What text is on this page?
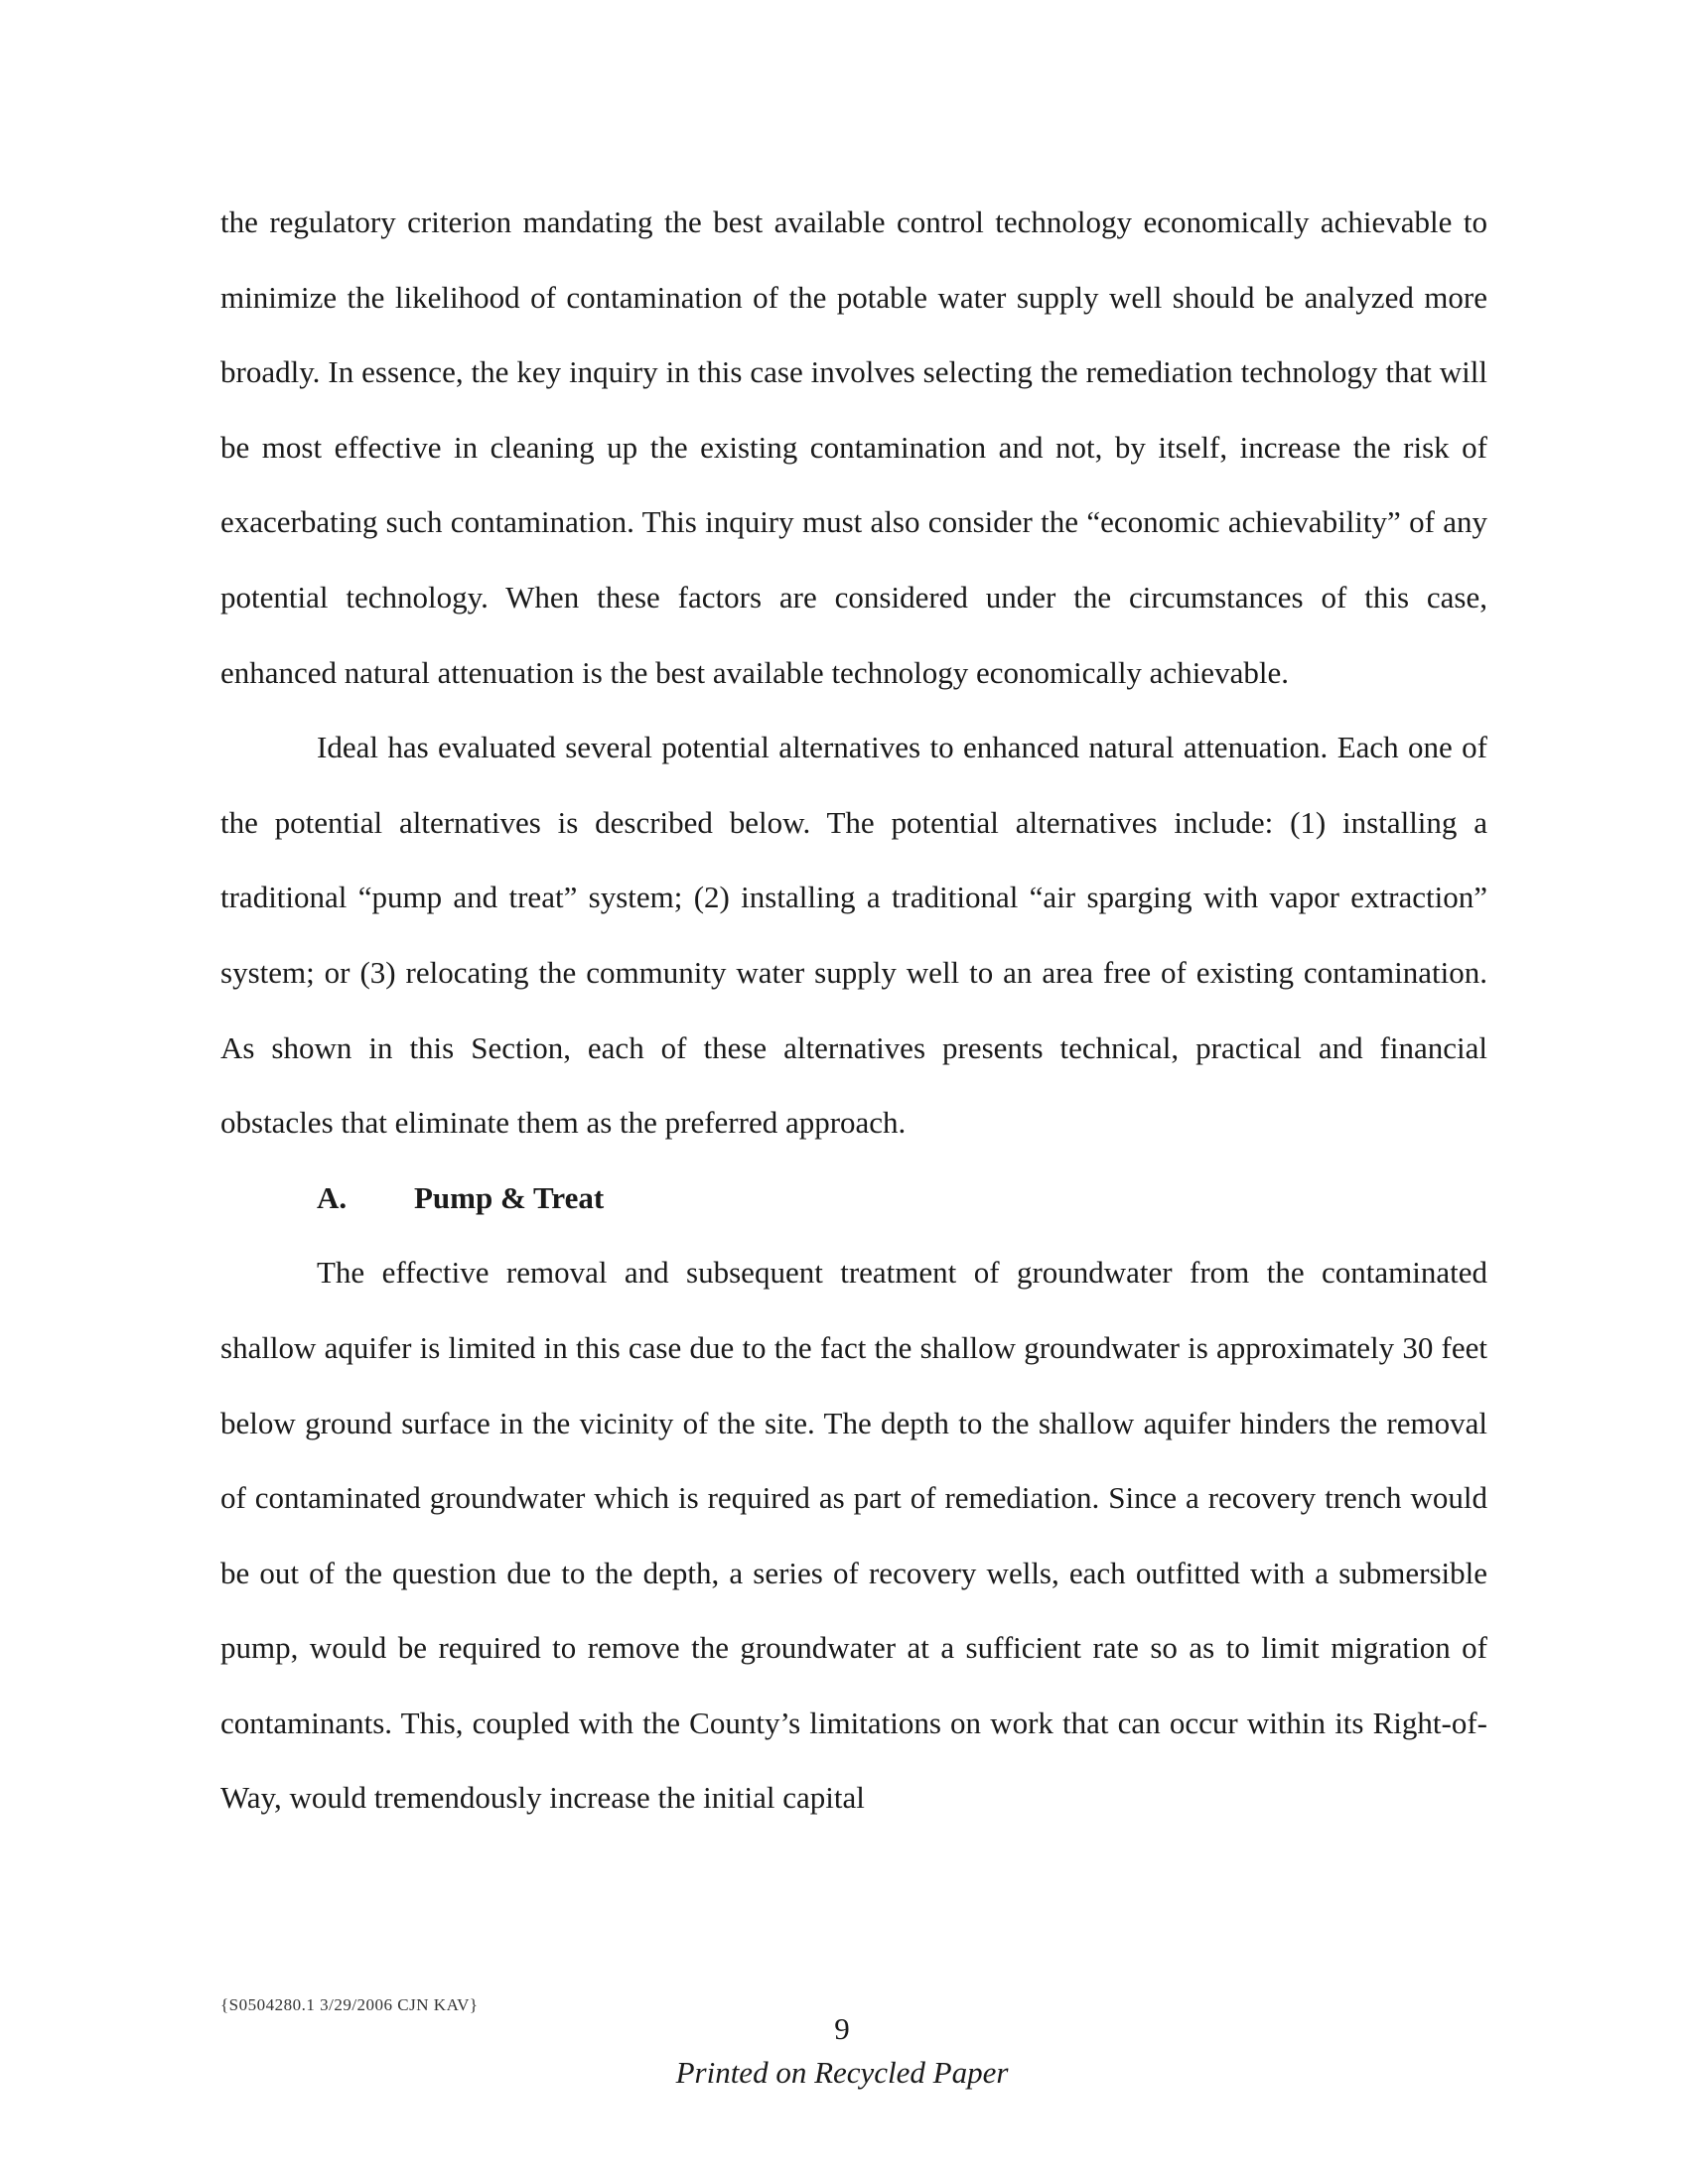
the regulatory criterion mandating the best available control technology economically achievable to minimize the likelihood of contamination of the potable water supply well should be analyzed more broadly. In essence, the key inquiry in this case involves selecting the remediation technology that will be most effective in cleaning up the existing contamination and not, by itself, increase the risk of exacerbating such contamination. This inquiry must also consider the “economic achievability” of any potential technology. When these factors are considered under the circumstances of this case, enhanced natural attenuation is the best available technology economically achievable.

Ideal has evaluated several potential alternatives to enhanced natural attenuation. Each one of the potential alternatives is described below. The potential alternatives include: (1) installing a traditional “pump and treat” system; (2) installing a traditional “air sparging with vapor extraction” system; or (3) relocating the community water supply well to an area free of existing contamination. As shown in this Section, each of these alternatives presents technical, practical and financial obstacles that eliminate them as the preferred approach.

A. Pump & Treat

The effective removal and subsequent treatment of groundwater from the contaminated shallow aquifer is limited in this case due to the fact the shallow groundwater is approximately 30 feet below ground surface in the vicinity of the site. The depth to the shallow aquifer hinders the removal of contaminated groundwater which is required as part of remediation. Since a recovery trench would be out of the question due to the depth, a series of recovery wells, each outfitted with a submersible pump, would be required to remove the groundwater at a sufficient rate so as to limit migration of contaminants. This, coupled with the County’s limitations on work that can occur within its Right-of-Way, would tremendously increase the initial capital

{S0504280.1 3/29/2006 CJN KAV}
9
Printed on Recycled Paper
